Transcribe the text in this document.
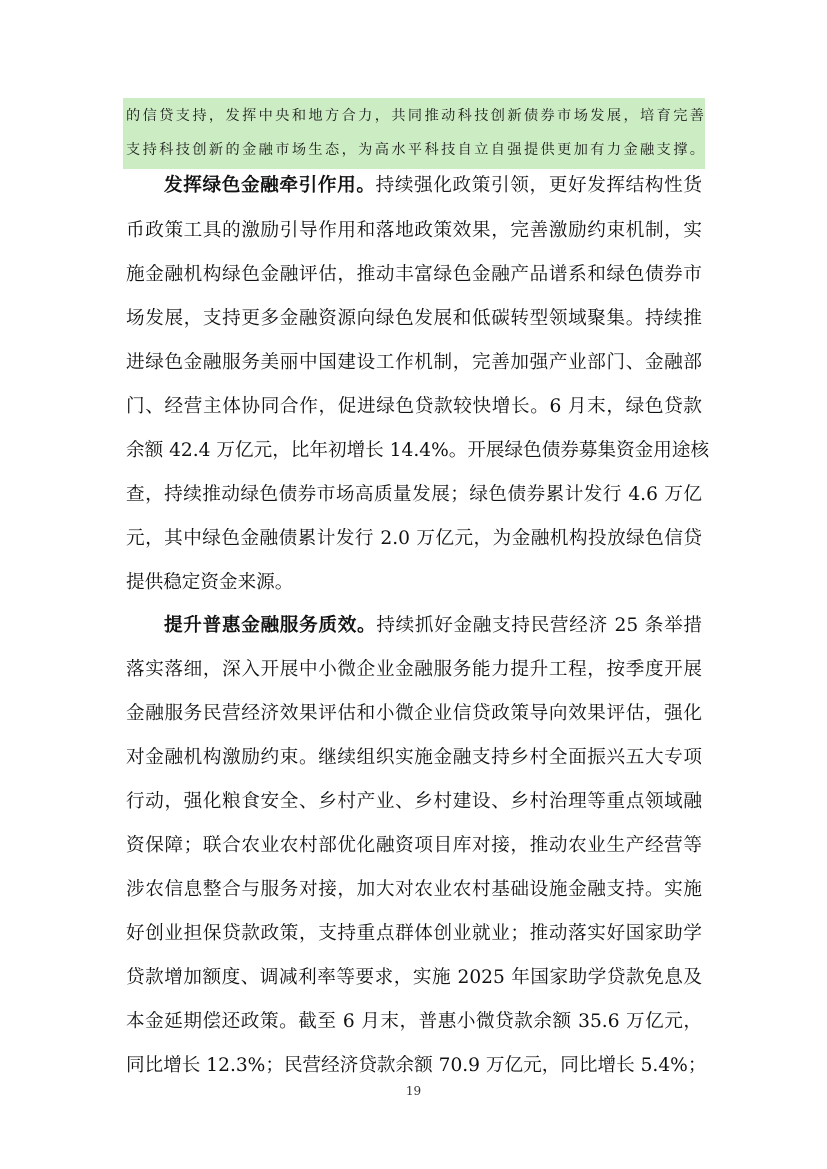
的信贷支持，发挥中央和地方合力，共同推动科技创新债券市场发展，培育完善
支持科技创新的金融市场生态，为高水平科技自立自强提供更加有力金融支撑。
发挥绿色金融牵引作用。持续强化政策引领，更好发挥结构性货
币政策工具的激励引导作用和落地政策效果，完善激励约束机制，实
施金融机构绿色金融评估，推动丰富绿色金融产品谱系和绿色债券市
场发展，支持更多金融资源向绿色发展和低碳转型领域聚集。持续推
进绿色金融服务美丽中国建设工作机制，完善加强产业部门、金融部
门、经营主体协同合作，促进绿色贷款较快增长。6 月末，绿色贷款
余额 42.4 万亿元，比年初增长 14.4%。开展绿色债券募集资金用途核
查，持续推动绿色债券市场高质量发展；绿色债券累计发行 4.6 万亿
元，其中绿色金融债累计发行 2.0 万亿元，为金融机构投放绿色信贷
提供稳定资金来源。
提升普惠金融服务质效。持续抓好金融支持民营经济 25 条举措
落实落细，深入开展中小微企业金融服务能力提升工程，按季度开展
金融服务民营经济效果评估和小微企业信贷政策导向效果评估，强化
对金融机构激励约束。继续组织实施金融支持乡村全面振兴五大专项
行动，强化粮食安全、乡村产业、乡村建设、乡村治理等重点领域融
资保障；联合农业农村部优化融资项目库对接，推动农业生产经营等
涉农信息整合与服务对接，加大对农业农村基础设施金融支持。实施
好创业担保贷款政策，支持重点群体创业就业；推动落实好国家助学
贷款增加额度、调减利率等要求，实施 2025 年国家助学贷款免息及
本金延期偿还政策。截至 6 月末，普惠小微贷款余额 35.6 万亿元，
同比增长 12.3%；民营经济贷款余额 70.9 万亿元，同比增长 5.4%；
19
